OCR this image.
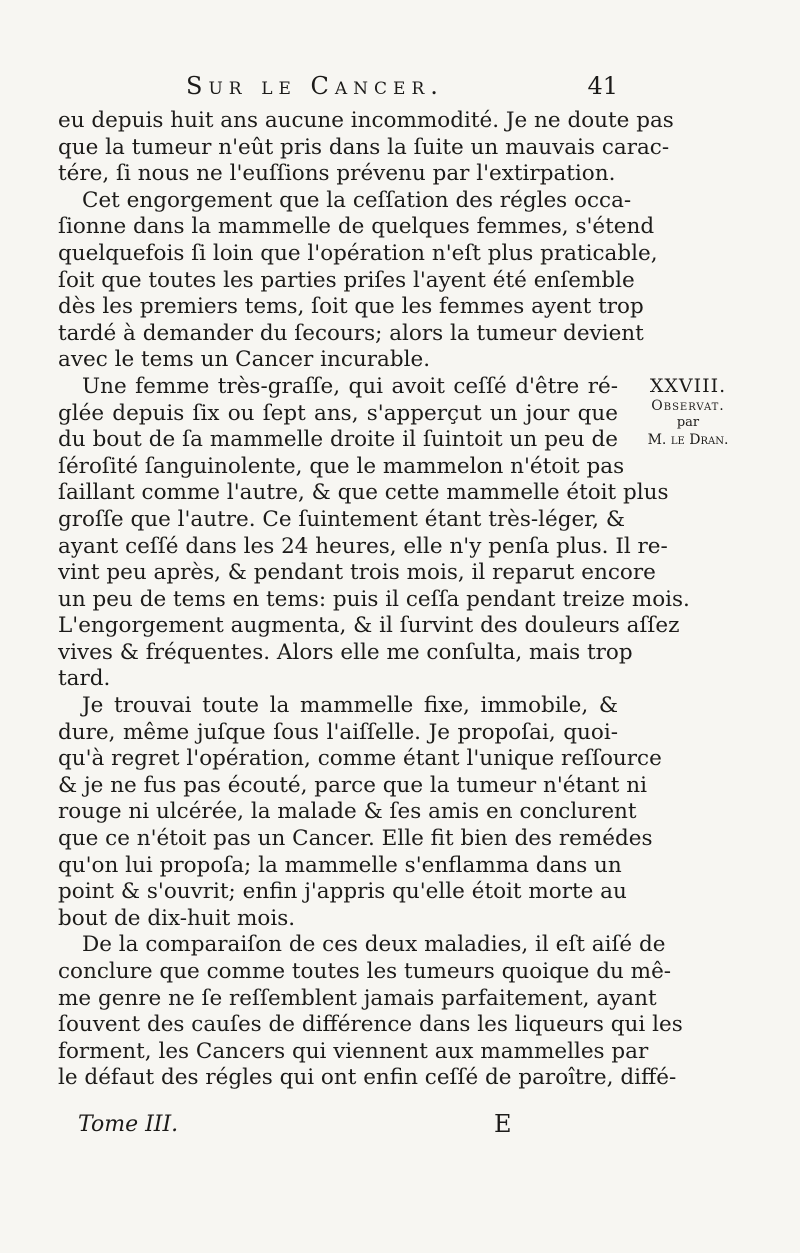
Sur le Cancer.	41
eu depuis huit ans aucune incommodité. Je ne doute pas
que la tumeur n'eût pris dans la ſuite un mauvais carac-
tére, ſi nous ne l'euſſions prévenu par l'extirpation.
Cet engorgement que la ceſſation des régles occa-
ſionne dans la mammelle de quelques femmes, s'étend
quelquefois ſi loin que l'opération n'eſt plus praticable,
ſoit que toutes les parties priſes l'ayent été enſemble
dès les premiers tems, ſoit que les femmes ayent trop
tardé à demander du ſecours; alors la tumeur devient
avec le tems un Cancer incurable.
Une femme très-graſſe, qui avoit ceſſé d'être ré-
glée depuis ſix ou ſept ans, s'apperçut un jour que
du bout de ſa mammelle droite il ſuintoit un peu de
ſéroſité ſanguinolente, que le mammelon n'étoit pas
ſaillant comme l'autre, & que cette mammelle étoit plus
groſſe que l'autre. Ce ſuintement étant très-léger, &
ayant ceſſé dans les 24 heures, elle n'y penſa plus. Il re-
vint peu après, & pendant trois mois, il reparut encore
un peu de tems en tems: puis il ceſſa pendant treize mois.
L'engorgement augmenta, & il ſurvint des douleurs aſſez
vives & fréquentes. Alors elle me conſulta, mais trop
tard.
Je trouvai toute la mammelle fixe, immobile, &
dure, même juſque ſous l'aiſſelle. Je propoſai, quoi-
qu'à regret l'opération, comme étant l'unique reſſource
& je ne fus pas écouté, parce que la tumeur n'étant ni
rouge ni ulcérée, la malade & ſes amis en conclurent
que ce n'étoit pas un Cancer. Elle fit bien des remédes
qu'on lui propoſa; la mammelle s'enflamma dans un
point & s'ouvrit; enfin j'appris qu'elle étoit morte au
bout de dix-huit mois.
De la comparaiſon de ces deux maladies, il eſt aiſé de
conclure que comme toutes les tumeurs quoique du mê-
me genre ne ſe reſſemblent jamais parfaitement, ayant
ſouvent des cauſes de différence dans les liqueurs qui les
forment, les Cancers qui viennent aux mammelles par
le défaut des régles qui ont enfin ceſſé de paroître, diffé-
XXVIII.
Observat.
par
M. le Dran.
Tome III.	E
